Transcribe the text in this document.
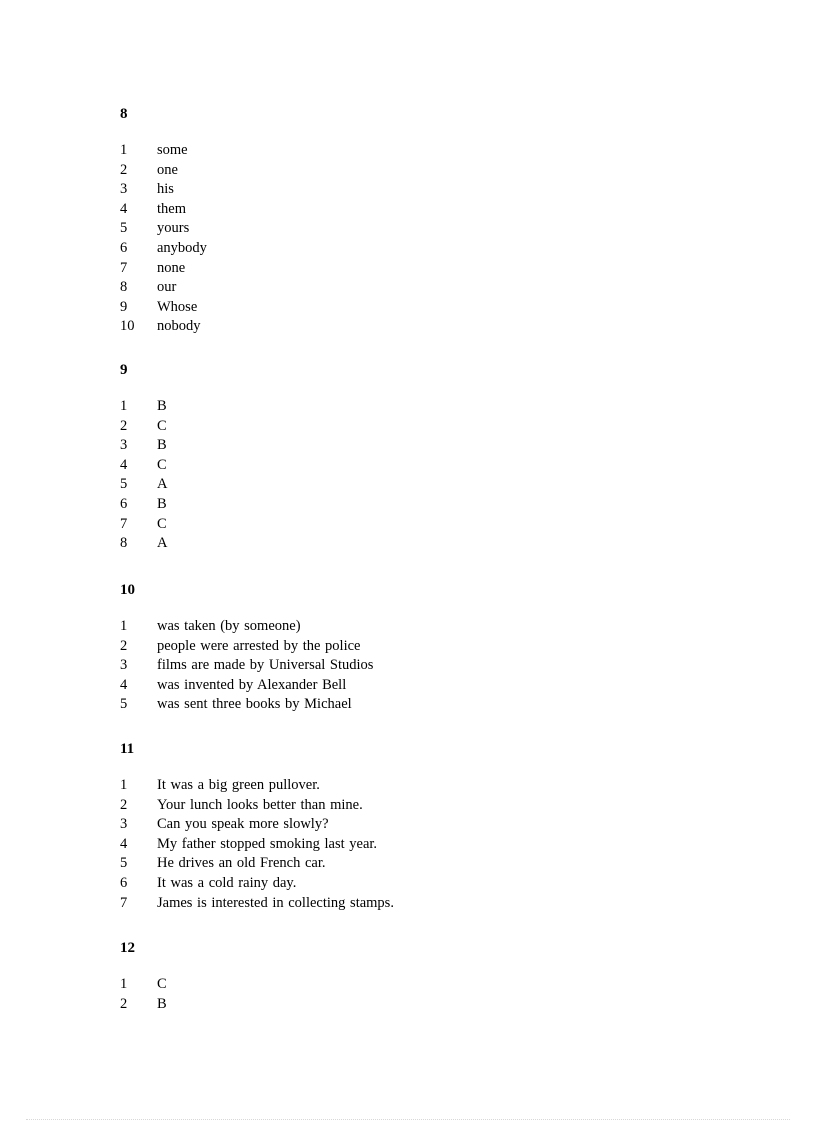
8
1	some
2	one
3	his
4	them
5	yours
6	anybody
7	none
8	our
9	Whose
10	nobody
9
1	B
2	C
3	B
4	C
5	A
6	B
7	C
8	A
10
1	was taken (by someone)
2	people were arrested by the police
3	films are made by Universal Studios
4	was invented by Alexander Bell
5	was sent three books by Michael
11
1	It was a big green pullover.
2	Your lunch looks better than mine.
3	Can you speak more slowly?
4	My father stopped smoking last year.
5	He drives an old French car.
6	It was a cold rainy day.
7	James is interested in collecting stamps.
12
1	C
2	B
